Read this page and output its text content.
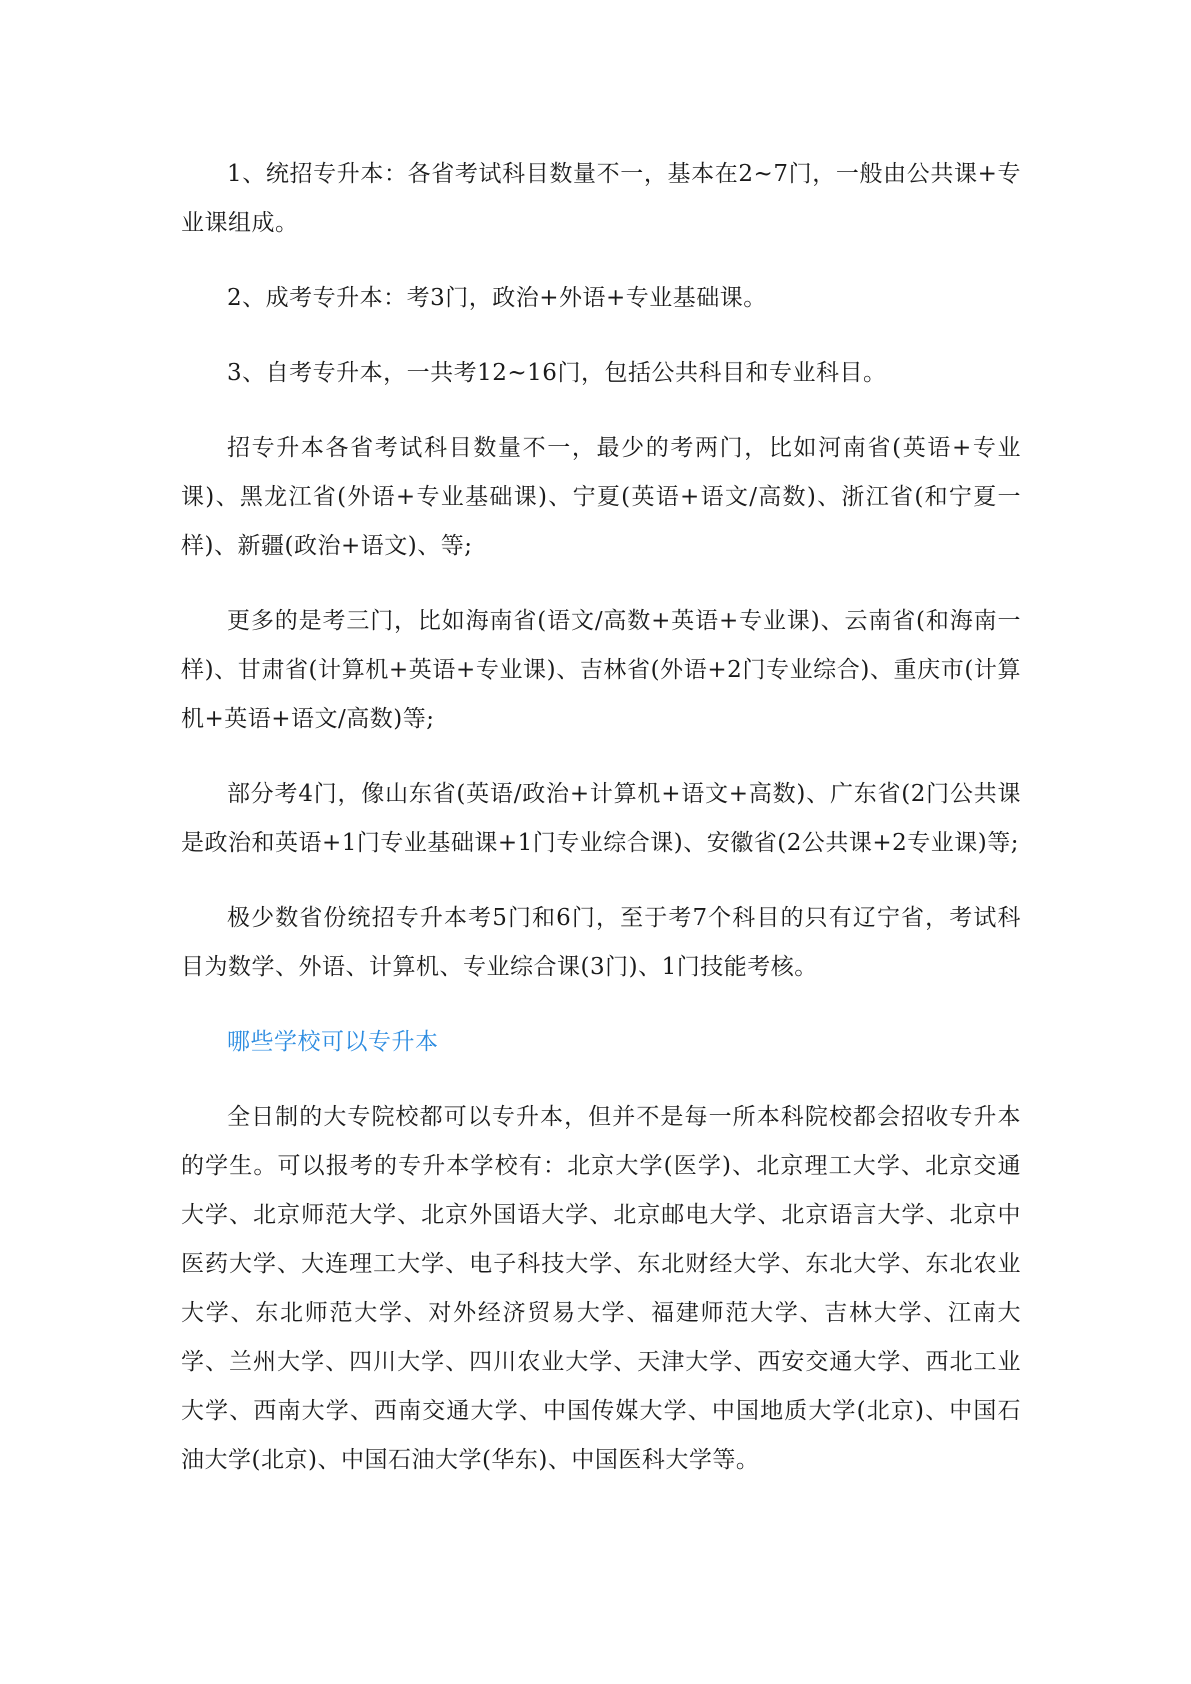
1、统招专升本：各省考试科目数量不一，基本在2~7门，一般由公共课+专业课组成。

2、成考专升本：考3门，政治+外语+专业基础课。

3、自考专升本，一共考12~16门，包括公共科目和专业科目。

招专升本各省考试科目数量不一，最少的考两门，比如河南省(英语+专业课)、黑龙江省(外语+专业基础课)、宁夏(英语+语文/高数)、浙江省(和宁夏一样)、新疆(政治+语文)、等;

更多的是考三门，比如海南省(语文/高数+英语+专业课)、云南省(和海南一样)、甘肃省(计算机+英语+专业课)、吉林省(外语+2门专业综合)、重庆市(计算机+英语+语文/高数)等;

部分考4门，像山东省(英语/政治+计算机+语文+高数)、广东省(2门公共课是政治和英语+1门专业基础课+1门专业综合课)、安徽省(2公共课+2专业课)等;

极少数省份统招专升本考5门和6门，至于考7个科目的只有辽宁省，考试科目为数学、外语、计算机、专业综合课(3门)、1门技能考核。

哪些学校可以专升本

全日制的大专院校都可以专升本，但并不是每一所本科院校都会招收专升本的学生。可以报考的专升本学校有：北京大学(医学)、北京理工大学、北京交通大学、北京师范大学、北京外国语大学、北京邮电大学、北京语言大学、北京中医药大学、大连理工大学、电子科技大学、东北财经大学、东北大学、东北农业大学、东北师范大学、对外经济贸易大学、福建师范大学、吉林大学、江南大学、兰州大学、四川大学、四川农业大学、天津大学、西安交通大学、西北工业大学、西南大学、西南交通大学、中国传媒大学、中国地质大学(北京)、中国石油大学(北京)、中国石油大学(华东)、中国医科大学等。
